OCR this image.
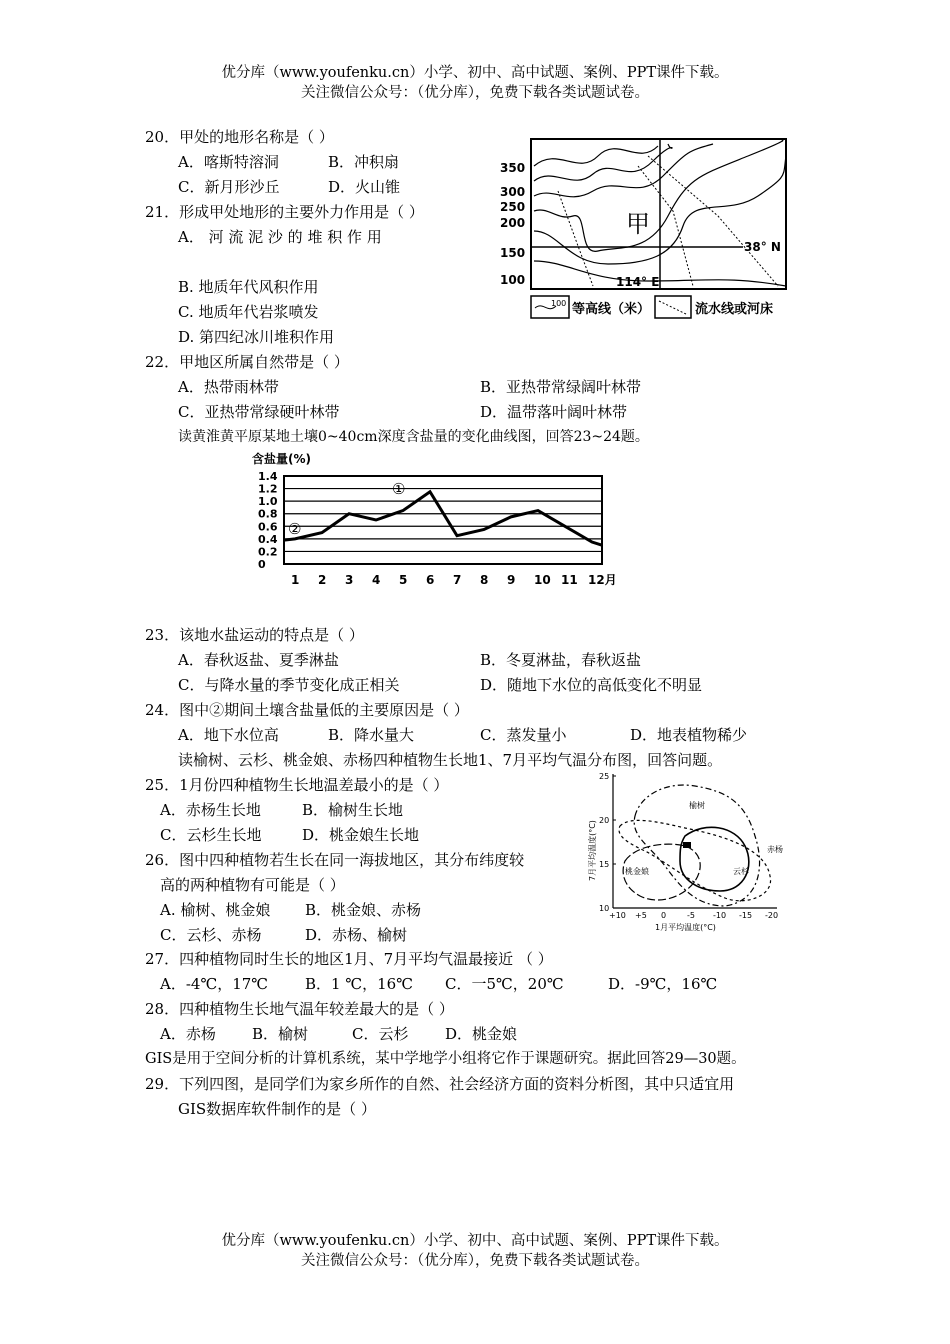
优分库（www.youfenku.cn）小学、初中、高中试题、案例、PPT课件下载。
关注微信公众号：（优分库），免费下载各类试题试卷。
20．甲处的地形名称是（ ）
A．喀斯特溶洞	B．冲积扇
C．新月形沙丘	D．火山锥
21．形成甲处地形的主要外力作用是（ ）
A． 河 流 泥 沙 的 堆 积 作 用
B. 地质年代风积作用
C. 地质年代岩浆喷发
D. 第四纪冰川堆积作用
350
300
250
200
150
100
甲
38° N
114° E
100 等高线（米）	流水线或河床
22．甲地区所属自然带是（ ）
A．热带雨林带	B．亚热带常绿阔叶林带
C．亚热带常绿硬叶林带	D．温带落叶阔叶林带
读黄淮黄平原某地土壤0~40cm深度含盐量的变化曲线图，回答23~24题。
含盐量(%)
1.4
1.2
1.0
0.8
0.6
0.4
0.2
0
1 2 3 4 5 6 7 8 9 10 11 12月
①
②
23．该地水盐运动的特点是（ ）
A．春秋返盐、夏季淋盐	B．冬夏淋盐，春秋返盐
C．与降水量的季节变化成正相关	D．随地下水位的高低变化不明显
24．图中②期间土壤含盐量低的主要原因是（ ）
A．地下水位高	B．降水量大	C．蒸发量小	D．地表植物稀少
读榆树、云杉、桃金娘、赤杨四种植物生长地1、7月平均气温分布图，回答问题。
25．1月份四种植物生长地温差最小的是（ ）
A．赤杨生长地	B．榆树生长地
C．云杉生长地	D．桃金娘生长地
26．图中四种植物若生长在同一海拔地区，其分布纬度较
高的两种植物有可能是（ ）
A. 榆树、桃金娘 B．桃金娘、赤杨
C．云杉、赤杨	D．赤杨、榆树
7月平均温度(°C)
25
20
15
10
+10 +5 0	-5 -10 -15 -20
榆树
赤杨
桃金娘	云杉
1月平均温度(°C)
27．四种植物同时生长的地区1月、7月平均气温最接近 （ ）
A．-4℃，17℃ B．1 ℃，16℃ C．一5℃，20℃	D．-9℃，16℃
28．四种植物生长地气温年较差最大的是（ ）
A．赤杨 B．榆树	C．云杉 D．桃金娘
GIS是用于空间分析的计算机系统，某中学地学小组将它作于课题研究。据此回答29—30题。
29．下列四图，是同学们为家乡所作的自然、社会经济方面的资料分析图，其中只适宜用
GIS数据库软件制作的是（ ）
优分库（www.youfenku.cn）小学、初中、高中试题、案例、PPT课件下载。
关注微信公众号：（优分库），免费下载各类试题试卷。
